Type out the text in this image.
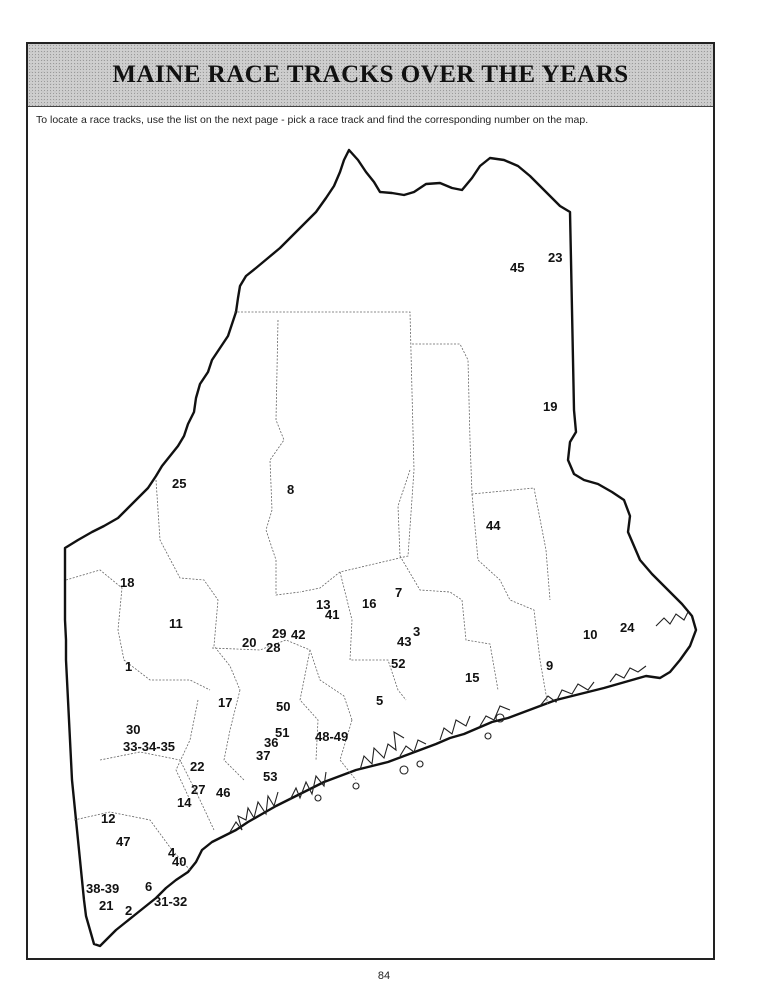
MAINE RACE TRACKS OVER THE YEARS
To locate a race tracks, use the list on the next page - pick a race track and find the corresponding number on the map.
23
45
19
25	8
44
18
7
13
41
16
11
29 42
20 28	43
3	10 24
1	52	9
15
17	50	5
30	51
36	48-49
33-34-35
37
22
53
27 46
14
12
47
4
40
38-39 6
21 2
31-32
84
